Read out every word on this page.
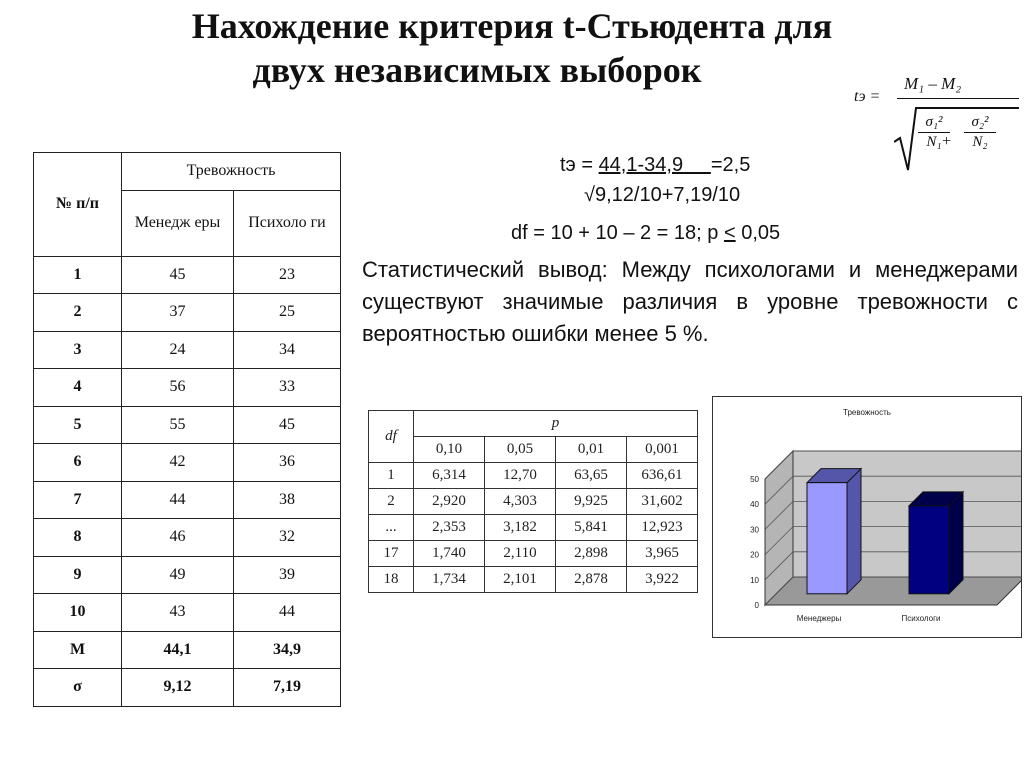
Нахождение критерия t-Стьюдента для
двух независимых выборок
tэ =
M₁ – M₂
σ₁²
N₁ +
σ₂²
N₂
№ п/п	Тревожность	
	Менедж еры	Психоло ги
1	45	23
2	37	25
3	24	34
4	56	33
5	55	45
6	42	36
7	44	38
8	46	32
9	49	39
10	43	44
М	44,1	34,9
σ	9,12	7,19
tэ = 44,1-34,9     =2,5
√9,12/10+7,19/10
df = 10 + 10 – 2 = 18; p < 0,05
Статистический вывод: Между психологами и менеджерами существуют значимые различия в уровне тревожности с вероятностью ошибки менее 5 %.
df	p			
	0,10	0,05	0,01	0,001
1	6,314	12,70	63,65	636,61
2	2,920	4,303	9,925	31,602
...	2,353	3,182	5,841	12,923
17	1,740	2,110	2,898	3,965
18	1,734	2,101	2,878	3,922
0
10
20
30
40
50
Тревожность
Менеджеры	Психологи
